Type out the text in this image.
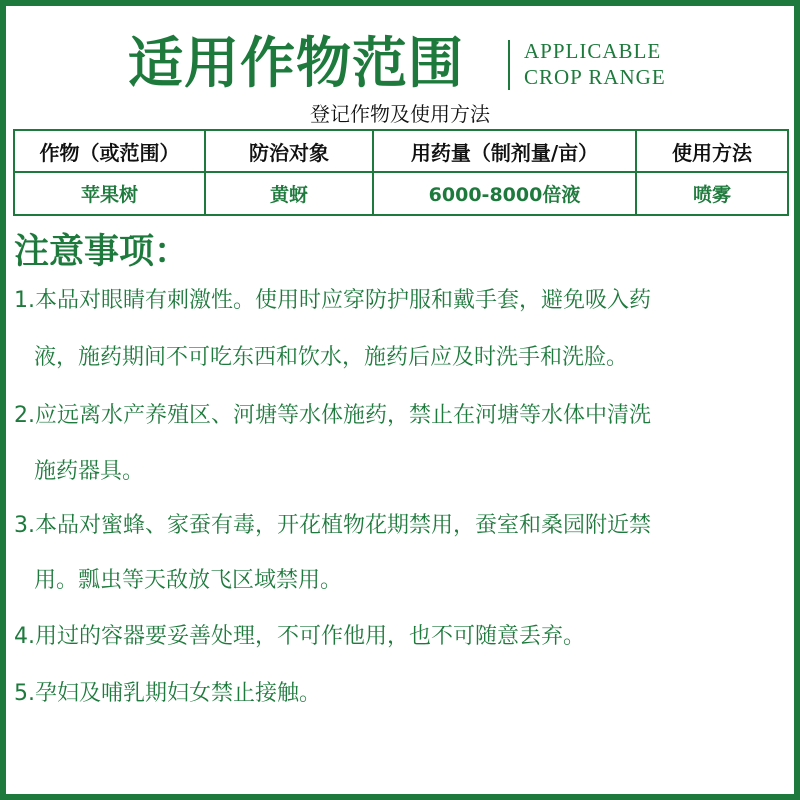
适用作物范围	APPLICABLE
CROP RANGE
登记作物及使用方法
作物（或范围）	防治对象	用药量（制剂量/亩）	使用方法
苹果树	黄蚜	6000-8000倍液	喷雾
注意事项：
1.本品对眼睛有刺激性。使用时应穿防护服和戴手套，避免吸入药
液，施药期间不可吃东西和饮水，施药后应及时洗手和洗脸。
2.应远离水产养殖区、河塘等水体施药，禁止在河塘等水体中清洗
施药器具。
3.本品对蜜蜂、家蚕有毒，开花植物花期禁用，蚕室和桑园附近禁
用。瓢虫等天敌放飞区域禁用。
4.用过的容器要妥善处理，不可作他用，也不可随意丢弃。
5.孕妇及哺乳期妇女禁止接触。
